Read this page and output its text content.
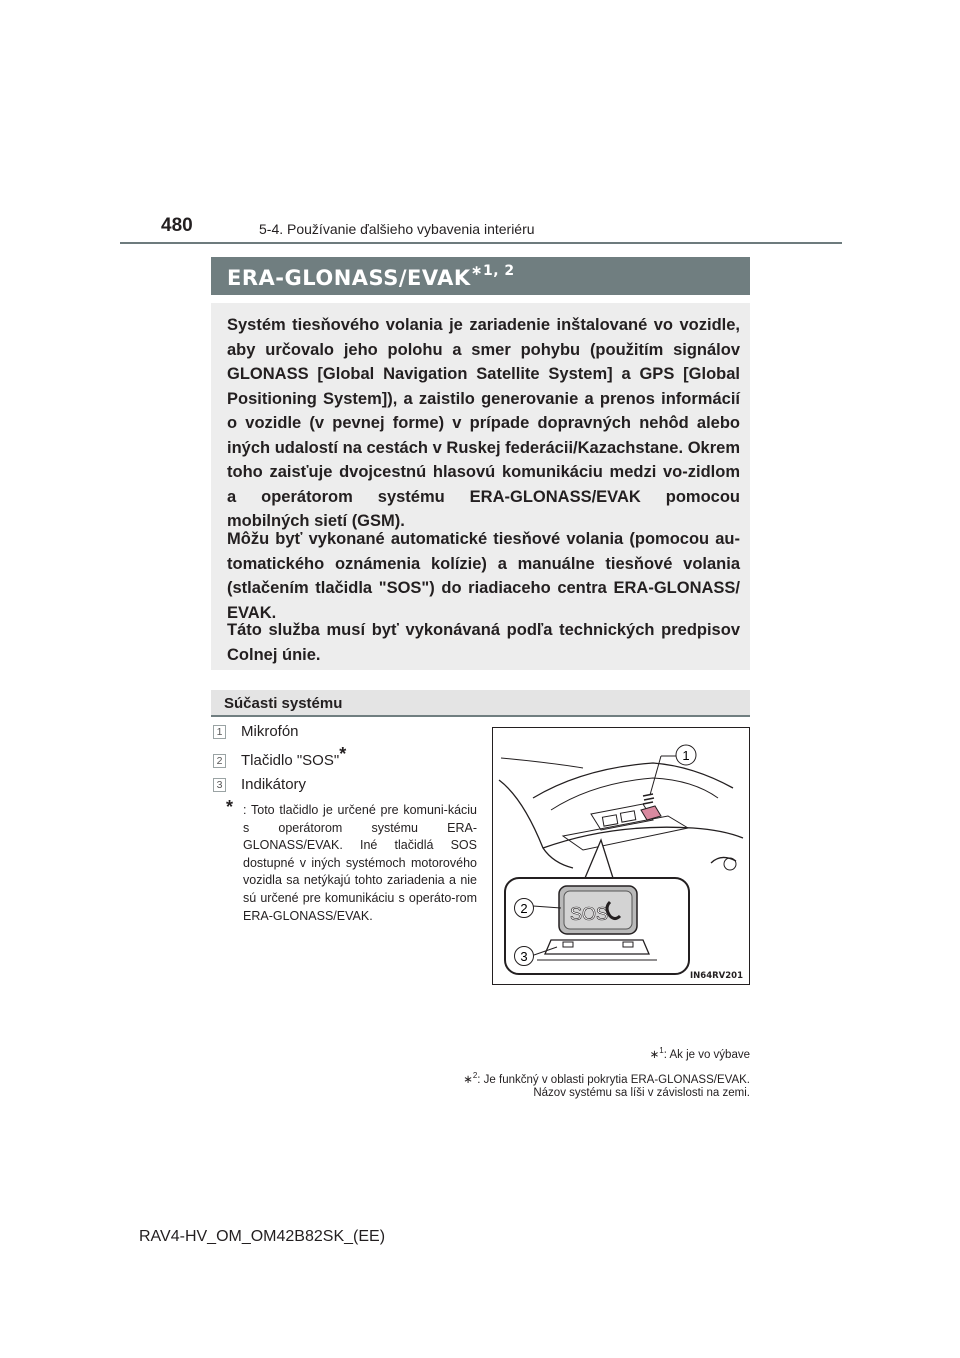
480	5-4. Používanie ďalšieho vybavenia interiéru
ERA-$GLONASS/EVAK^{∗1, 2}$

Systém tiesňového volania je zariadenie inštalované vo vozidle, aby určovalo jeho polohu a smer pohybu (použitím signálov GLONASS [Global Navigation Satellite System] a GPS [Global Positioning System]), a zaistilo generovanie a prenos informácií o vozidle (v pevnej forme) v prípade dopravných nehôd alebo iných udalostí na cestách v Ruskej federácii/Kazachstane. Okrem toho zaisťuje dvojcestnú hlasovú komunikáciu medzi vo-zidlom a operátorom systému ERA-GLONASS/EVAK pomocou mobilných sietí (GSM).

Môžu byť vykonané automatické tiesňové volania (pomocou au-tomatického oznámenia kolízie) a manuálne tiesňové volania (stlačením tlačidla "SOS") do riadiaceho centra ERA-GLONASS/ EVAK.

Táto služba musí byť vykonávaná podľa technických predpisov Colnej únie.

Súčasti systému
1 Mikrofón
2 Tlačidlo "SOS" *
3 Indikátory
* : Toto tlačidlo je určené pre komuni-káciu s operátorom systému ERA-GLONASS/EVAK. Iné tlačidlá SOS dostupné v iných systémoch motorového vozidla sa netýkajú tohto zariadenia a nie sú určené pre komunikáciu s operáto-rom ERA-GLONASS/EVAK.

1
SOS
2
3
IN64RV201
∗$^1$: Ak je vo výbave
∗$^2$: Je funkčný v oblasti pokrytia ERA-GLONASS/EVAK.
Názov systému sa líši v závislosti na zemi.
RAV4-HV_OM_OM42B82SK_(EE)
